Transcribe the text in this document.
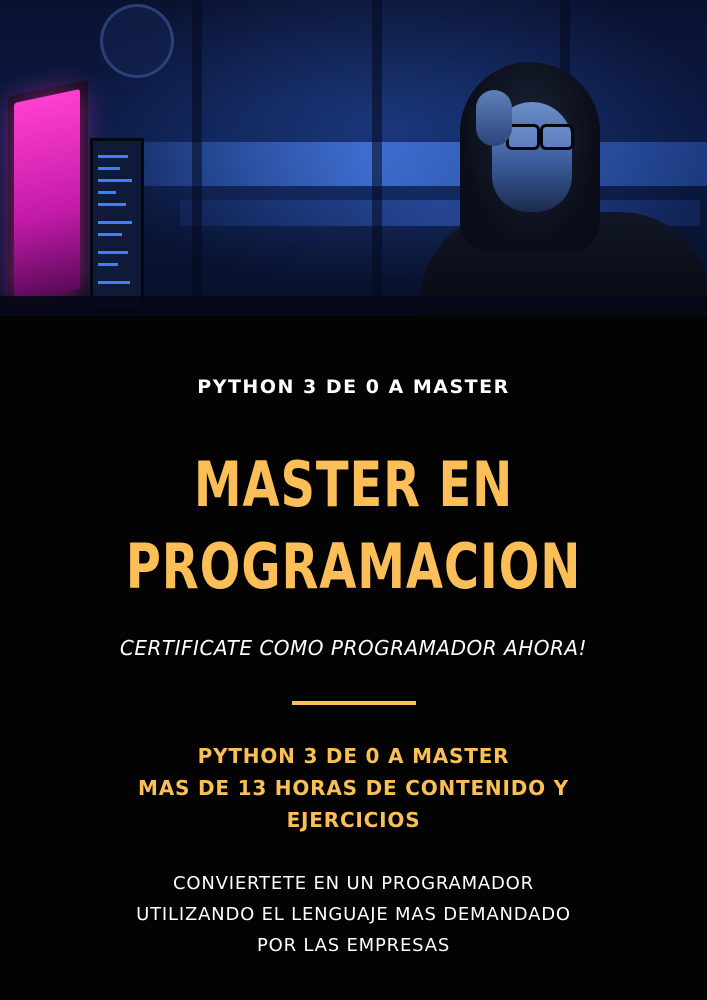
PYTHON 3 DE 0 A MASTER
MASTER EN
PROGRAMACION
CERTIFICATE COMO PROGRAMADOR AHORA!
PYTHON 3 DE 0 A MASTER
MAS DE 13 HORAS DE CONTENIDO Y
EJERCICIOS
CONVIERTETE EN UN PROGRAMADOR
UTILIZANDO EL LENGUAJE MAS DEMANDADO
POR LAS EMPRESAS
